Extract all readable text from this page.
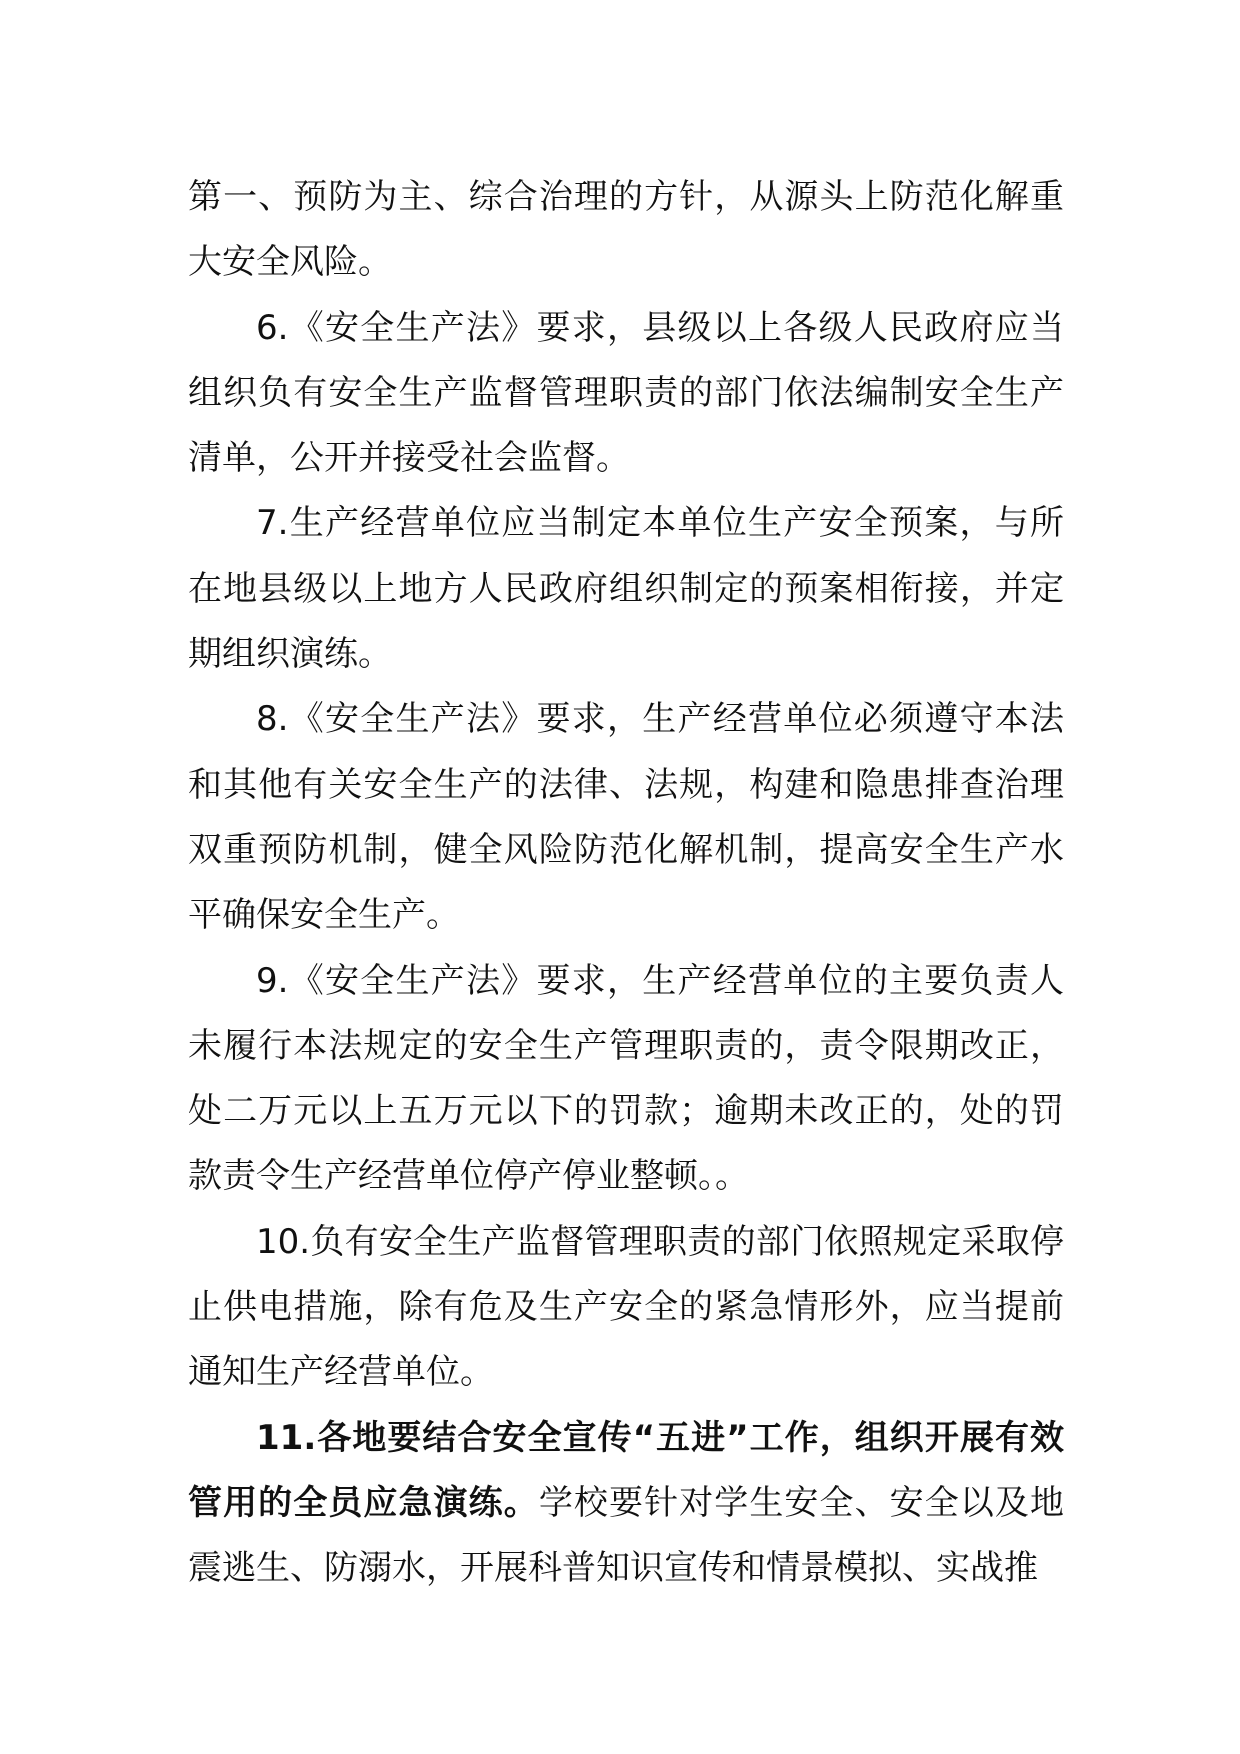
第一、预防为主、综合治理的方针，从源头上防范化解重大安全风险。

6.《安全生产法》要求，县级以上各级人民政府应当组织负有安全生产监督管理职责的部门依法编制安全生产清单，公开并接受社会监督。

7.生产经营单位应当制定本单位生产安全预案，与所在地县级以上地方人民政府组织制定的预案相衔接，并定期组织演练。

8.《安全生产法》要求，生产经营单位必须遵守本法和其他有关安全生产的法律、法规，构建和隐患排查治理双重预防机制，健全风险防范化解机制，提高安全生产水平确保安全生产。

9.《安全生产法》要求，生产经营单位的主要负责人未履行本法规定的安全生产管理职责的，责令限期改正，处二万元以上五万元以下的罚款；逾期未改正的，处的罚款责令生产经营单位停产停业整顿。。

10.负有安全生产监督管理职责的部门依照规定采取停止供电措施，除有危及生产安全的紧急情形外，应当提前通知生产经营单位。

11.各地要结合安全宣传“五进”工作，组织开展有效管用的全员应急演练。学校要针对学生安全、安全以及地震逃生、防溺水，开展科普知识宣传和情景模拟、实战推
